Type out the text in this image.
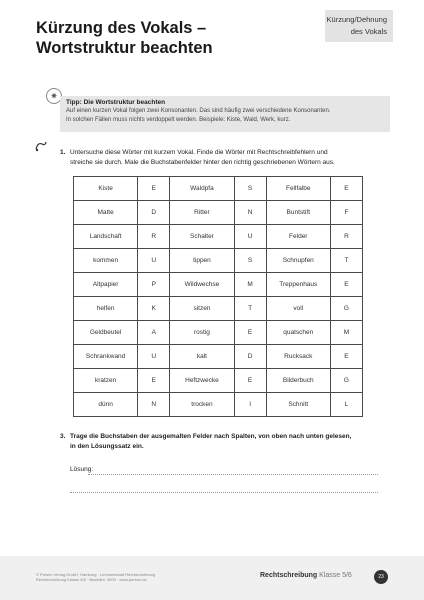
Kürzung des Vokals –
Wortstruktur beachten
Kürzung/Dehnung
des Vokals
✷
Tipp: Die Wortstruktur beachten
Auf einen kurzen Vokal folgen zwei Konsonanten. Das sind häufig zwei verschiedene Konsonanten.
In solchen Fällen muss nichts verdoppelt werden. Beispiele: Kiste, Wald, Werk, kurz.
1. Untersuche diese Wörter mit kurzem Vokal. Finde die Wörter mit Rechtschreibfehlern und
streiche sie durch. Male die Buchstabenfelder hinter den richtig geschriebenen Wörtern aus.
Kiste	E	Waldpfa	S	Fellfalbe	E
Matte	D	Ritter	N	Buntstift	F
Landschaft	R	Schalter	U	Felder	R
kommen	U	tippen	S	Schnupfen	T
Altpapier	P	Wildwechse	M	Treppenhaus	E
helfen	K	sitzen	T	voll	G
Geldbeutel	A	rostig	E	quatschen	M
Schrankwand	U	kalt	D	Rucksack	E
kratzen	E	Heftzwecke	E	Bilderbuch	G
dünn	N	trocken	I	Schnitt	L
3. Trage die Buchstaben der ausgemalten Felder nach Spalten, von oben nach unten gelesen,
in den Lösungssatz ein.
Lösung:
© Persen Verlag GmbH, Hamburg · Lernwerkstatt Rechtschreibung
Rechtschreibung Klasse 5/6 · Bestellnr. 3000 · www.persen.de
Rechtschreibung Klasse 5/6	23
